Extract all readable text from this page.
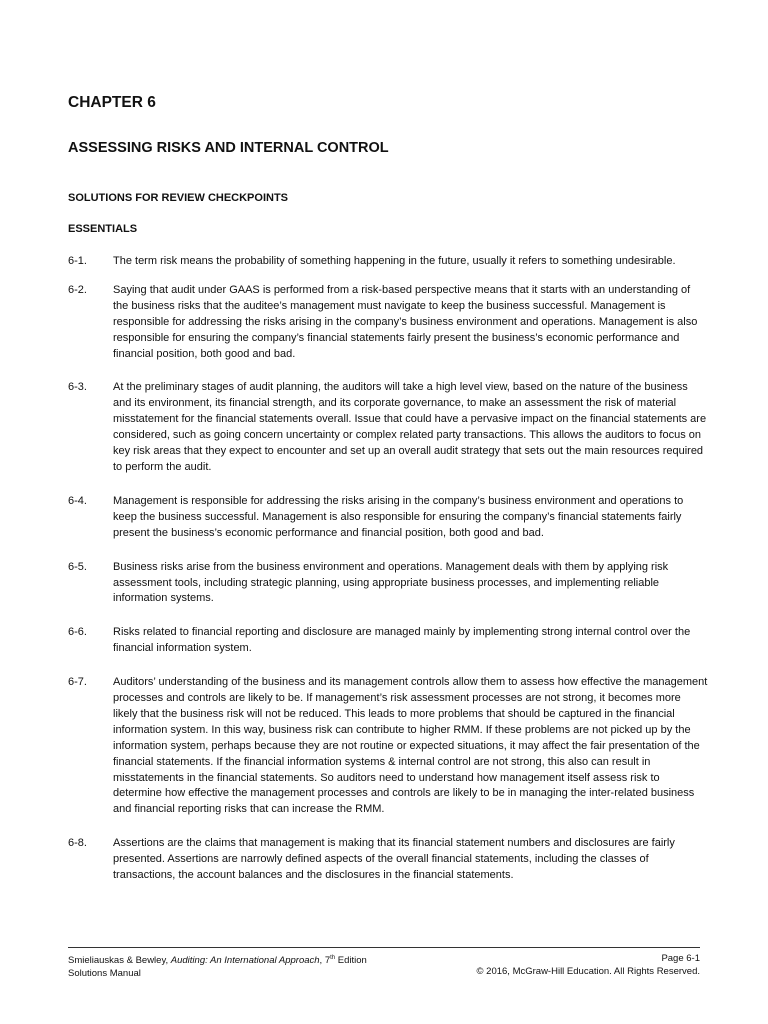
CHAPTER 6
ASSESSING RISKS AND INTERNAL CONTROL
SOLUTIONS FOR REVIEW CHECKPOINTS
ESSENTIALS
6-1.	The term risk means the probability of something happening in the future, usually it refers to something undesirable.
6-2.	Saying that audit under GAAS is performed from a risk-based perspective means that it starts with an understanding of the business risks that the auditee’s management must navigate to keep the business successful. Management is responsible for addressing the risks arising in the company’s business environment and operations. Management is also responsible for ensuring the company’s financial statements fairly present the business’s economic performance and financial position, both good and bad.
6-3.	At the preliminary stages of audit planning, the auditors will take a high level view, based on the nature of the business and its environment, its financial strength, and its corporate governance, to make an assessment the risk of material misstatement for the financial statements overall. Issue that could have a pervasive impact on the financial statements are considered, such as going concern uncertainty or complex related party transactions. This allows the auditors to focus on key risk areas that they expect to encounter and set up an overall audit strategy that sets out the main resources required to perform the audit.
6-4.	Management is responsible for addressing the risks arising in the company’s business environment and operations to keep the business successful. Management is also responsible for ensuring the company’s financial statements fairly present the business’s economic performance and financial position, both good and bad.
6-5.	Business risks arise from the business environment and operations. Management deals with them by applying risk assessment tools, including strategic planning, using appropriate business processes, and implementing reliable information systems.
6-6.	Risks related to financial reporting and disclosure are managed mainly by implementing strong internal control over the financial information system.
6-7.	Auditors’ understanding of the business and its management controls allow them to assess how effective the management processes and controls are likely to be. If management’s risk assessment processes are not strong, it becomes more likely that the business risk will not be reduced. This leads to more problems that should be captured in the financial information system. In this way, business risk can contribute to higher RMM. If these problems are not picked up by the information system, perhaps because they are not routine or expected situations, it may affect the fair presentation of the financial statements. If the financial information systems & internal control are not strong, this also can result in misstatements in the financial statements. So auditors need to understand how management itself assess risk to determine how effective the management processes and controls are likely to be in managing the inter-related business and financial reporting risks that can increase the RMM.
6-8.	Assertions are the claims that management is making that its financial statement numbers and disclosures are fairly presented. Assertions are narrowly defined aspects of the overall financial statements, including the classes of transactions, the account balances and the disclosures in the financial statements.
Smieliauskas & Bewley, Auditing: An International Approach, 7th Edition
Solutions Manual
Page 6-1
© 2016, McGraw-Hill Education. All Rights Reserved.
